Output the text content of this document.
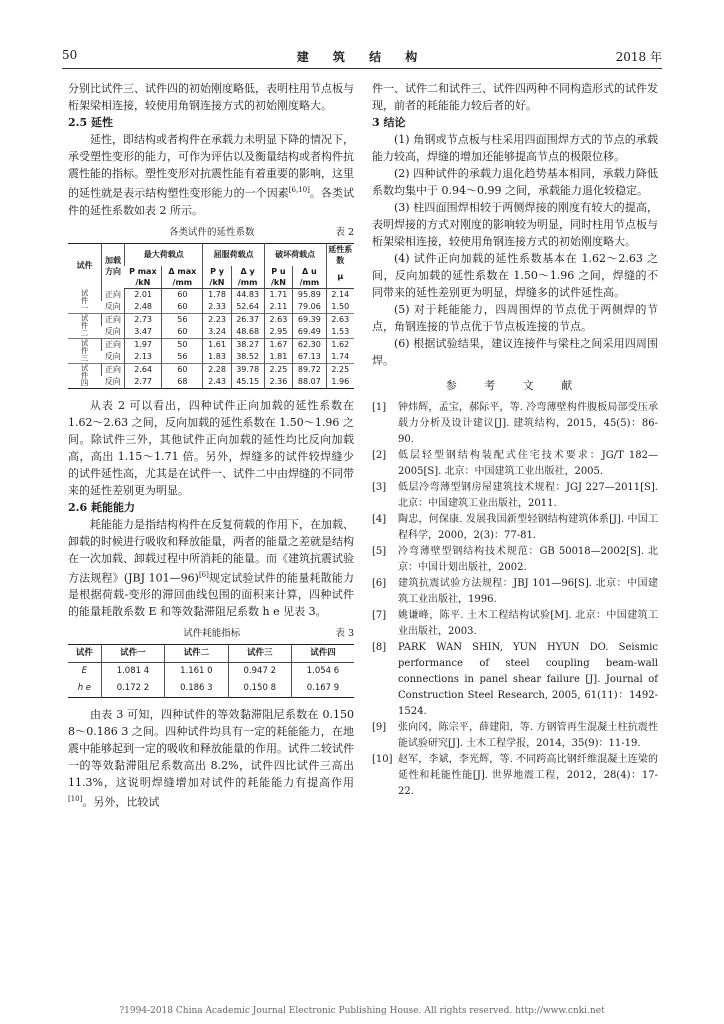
50	建 筑 结 构	2018 年

分别比试件三、试件四的初始刚度略低，表明柱用节点板与桁架梁相连接，较使用角钢连接方式的初始刚度略大。

2.5 延性

延性，即结构或者构件在承载力未明显下降的情况下，承受塑性变形的能力，可作为评估以及衡量结构或者构件抗震性能的指标。塑性变形对抗震性能有着重要的影响，这里的延性就是表示结构塑性变形能力的一个因素[6,10]。各类试件的延性系数如表 2 所示。

各类试件的延性系数	表 2
试件	加载方向	最大荷载点		屈服荷载点		破坏荷载点		延性系数
		P max /kN	Δ max /mm	P y /kN	Δ y /mm	P u /kN	Δ u /mm	μ
试件一	正向	2.01	60	1.78	44.83	1.71	95.89	2.14
	反向	2.48	60	2.33	52.64	2.11	79.06	1.50
试件二	正向	2.73	56	2.23	26.37	2.63	69.39	2.63
	反向	3.47	60	3.24	48.68	2.95	69.49	1.53
试件三	正向	1.97	50	1.61	38.27	1.67	62.30	1.62
	反向	2.13	56	1.83	38.52	1.81	67.13	1.74
试件四	正向	2.64	60	2.28	39.78	2.25	89.72	2.25
	反向	2.77	68	2.43	45.15	2.36	88.07	1.96

从表 2 可以看出，四种试件正向加载的延性系数在 1.62～2.63 之间，反向加载的延性系数在 1.50～1.96 之间。除试件三外，其他试件正向加载的延性均比反向加载高，高出 1.15～1.71 倍。另外，焊缝多的试件较焊缝少的试件延性高，尤其是在试件一、试件二中由焊缝的不同带来的延性差别更为明显。

2.6 耗能能力

耗能能力是指结构构件在反复荷载的作用下，在加载、卸载的时候进行吸收和释放能量，两者的能量之差就是结构在一次加载、卸载过程中所消耗的能量。而《建筑抗震试验方法规程》(JBJ 101—96)[6]规定试验试件的能量耗散能力是根据荷载-变形的滞回曲线包围的面积来计算，四种试件的能量耗散系数 E 和等效黏滞阻尼系数 h e 见表 3。

试件耗能指标	表 3
试件	试件一	试件二	试件三	试件四
E	1.081 4	1.161 0	0.947 2	1.054 6
h e	0.172 2	0.186 3	0.150 8	0.167 9

由表 3 可知，四种试件的等效黏滞阻尼系数在 0.150 8～0.186 3 之间。四种试件均具有一定的耗能能力，在地震中能够起到一定的吸收和释放能量的作用。试件二较试件一的等效黏滞阻尼系数高出 8.2%，试件四比试件三高出 11.3%，这说明焊缝增加对试件的耗能能力有提高作用[10]。另外，比较试

件一、试件二和试件三、试件四两种不同构造形式的试件发现，前者的耗能能力较后者的好。

3 结论

(1) 角钢或节点板与柱采用四面围焊方式的节点的承载能力较高，焊缝的增加还能够提高节点的极限位移。

(2) 四种试件的承载力退化趋势基本相同，承载力降低系数均集中于 0.94～0.99 之间，承载能力退化较稳定。

(3) 柱四面围焊相较于两侧焊接的刚度有较大的提高，表明焊接的方式对刚度的影响较为明显，同时柱用节点板与桁架梁相连接，较使用角钢连接方式的初始刚度略大。

(4) 试件正向加载的延性系数基本在 1.62～2.63 之间，反向加载的延性系数在 1.50～1.96 之间，焊缝的不同带来的延性差别更为明显，焊缝多的试件延性高。

(5) 对于耗能能力，四周围焊的节点优于两侧焊的节点，角钢连接的节点优于节点板连接的节点。

(6) 根据试验结果，建议连接件与梁柱之间采用四周围焊。

参 考 文 献
[1]	钟炜辉，孟宝，郝际平，等. 冷弯薄壁构件腹板局部受压承载力分析及设计建议[J]. 建筑结构，2015，45(5)：86-90.
[2]	低层轻型钢结构装配式住宅技术要求：JG/T 182—2005[S]. 北京：中国建筑工业出版社，2005.
[3]	低层冷弯薄型钢房屋建筑技术规程：JGJ 227—2011[S]. 北京：中国建筑工业出版社，2011.
[4]	陶忠，何保康. 发展我国新型轻钢结构建筑体系[J]. 中国工程科学，2000，2(3)：77-81.
[5]	冷弯薄壁型钢结构技术规范：GB 50018—2002[S]. 北京：中国计划出版社，2002.
[6]	建筑抗震试验方法规程：JBJ 101—96[S]. 北京：中国建筑工业出版社，1996.
[7]	姚谦峰，陈平. 土木工程结构试验[M]. 北京：中国建筑工业出版社，2003.
[8]	PARK WAN SHIN, YUN HYUN DO. Seismic performance of steel coupling beam-wall connections in panel shear failure [J]. Journal of Construction Steel Research, 2005, 61(11)：1492-1524.
[9]	张向冈，陈宗平，薛建阳，等. 方钢管再生混凝土柱抗震性能试验研究[J]. 土木工程学报，2014，35(9)：11-19.
[10] 赵军，李斌，李光辉，等. 不同跨高比钢纤维混凝土连梁的延性和耗能性能[J]. 世界地震工程，2012，28(4)：17-22.
?1994-2018 China Academic Journal Electronic Publishing House. All rights reserved. http://www.cnki.net
